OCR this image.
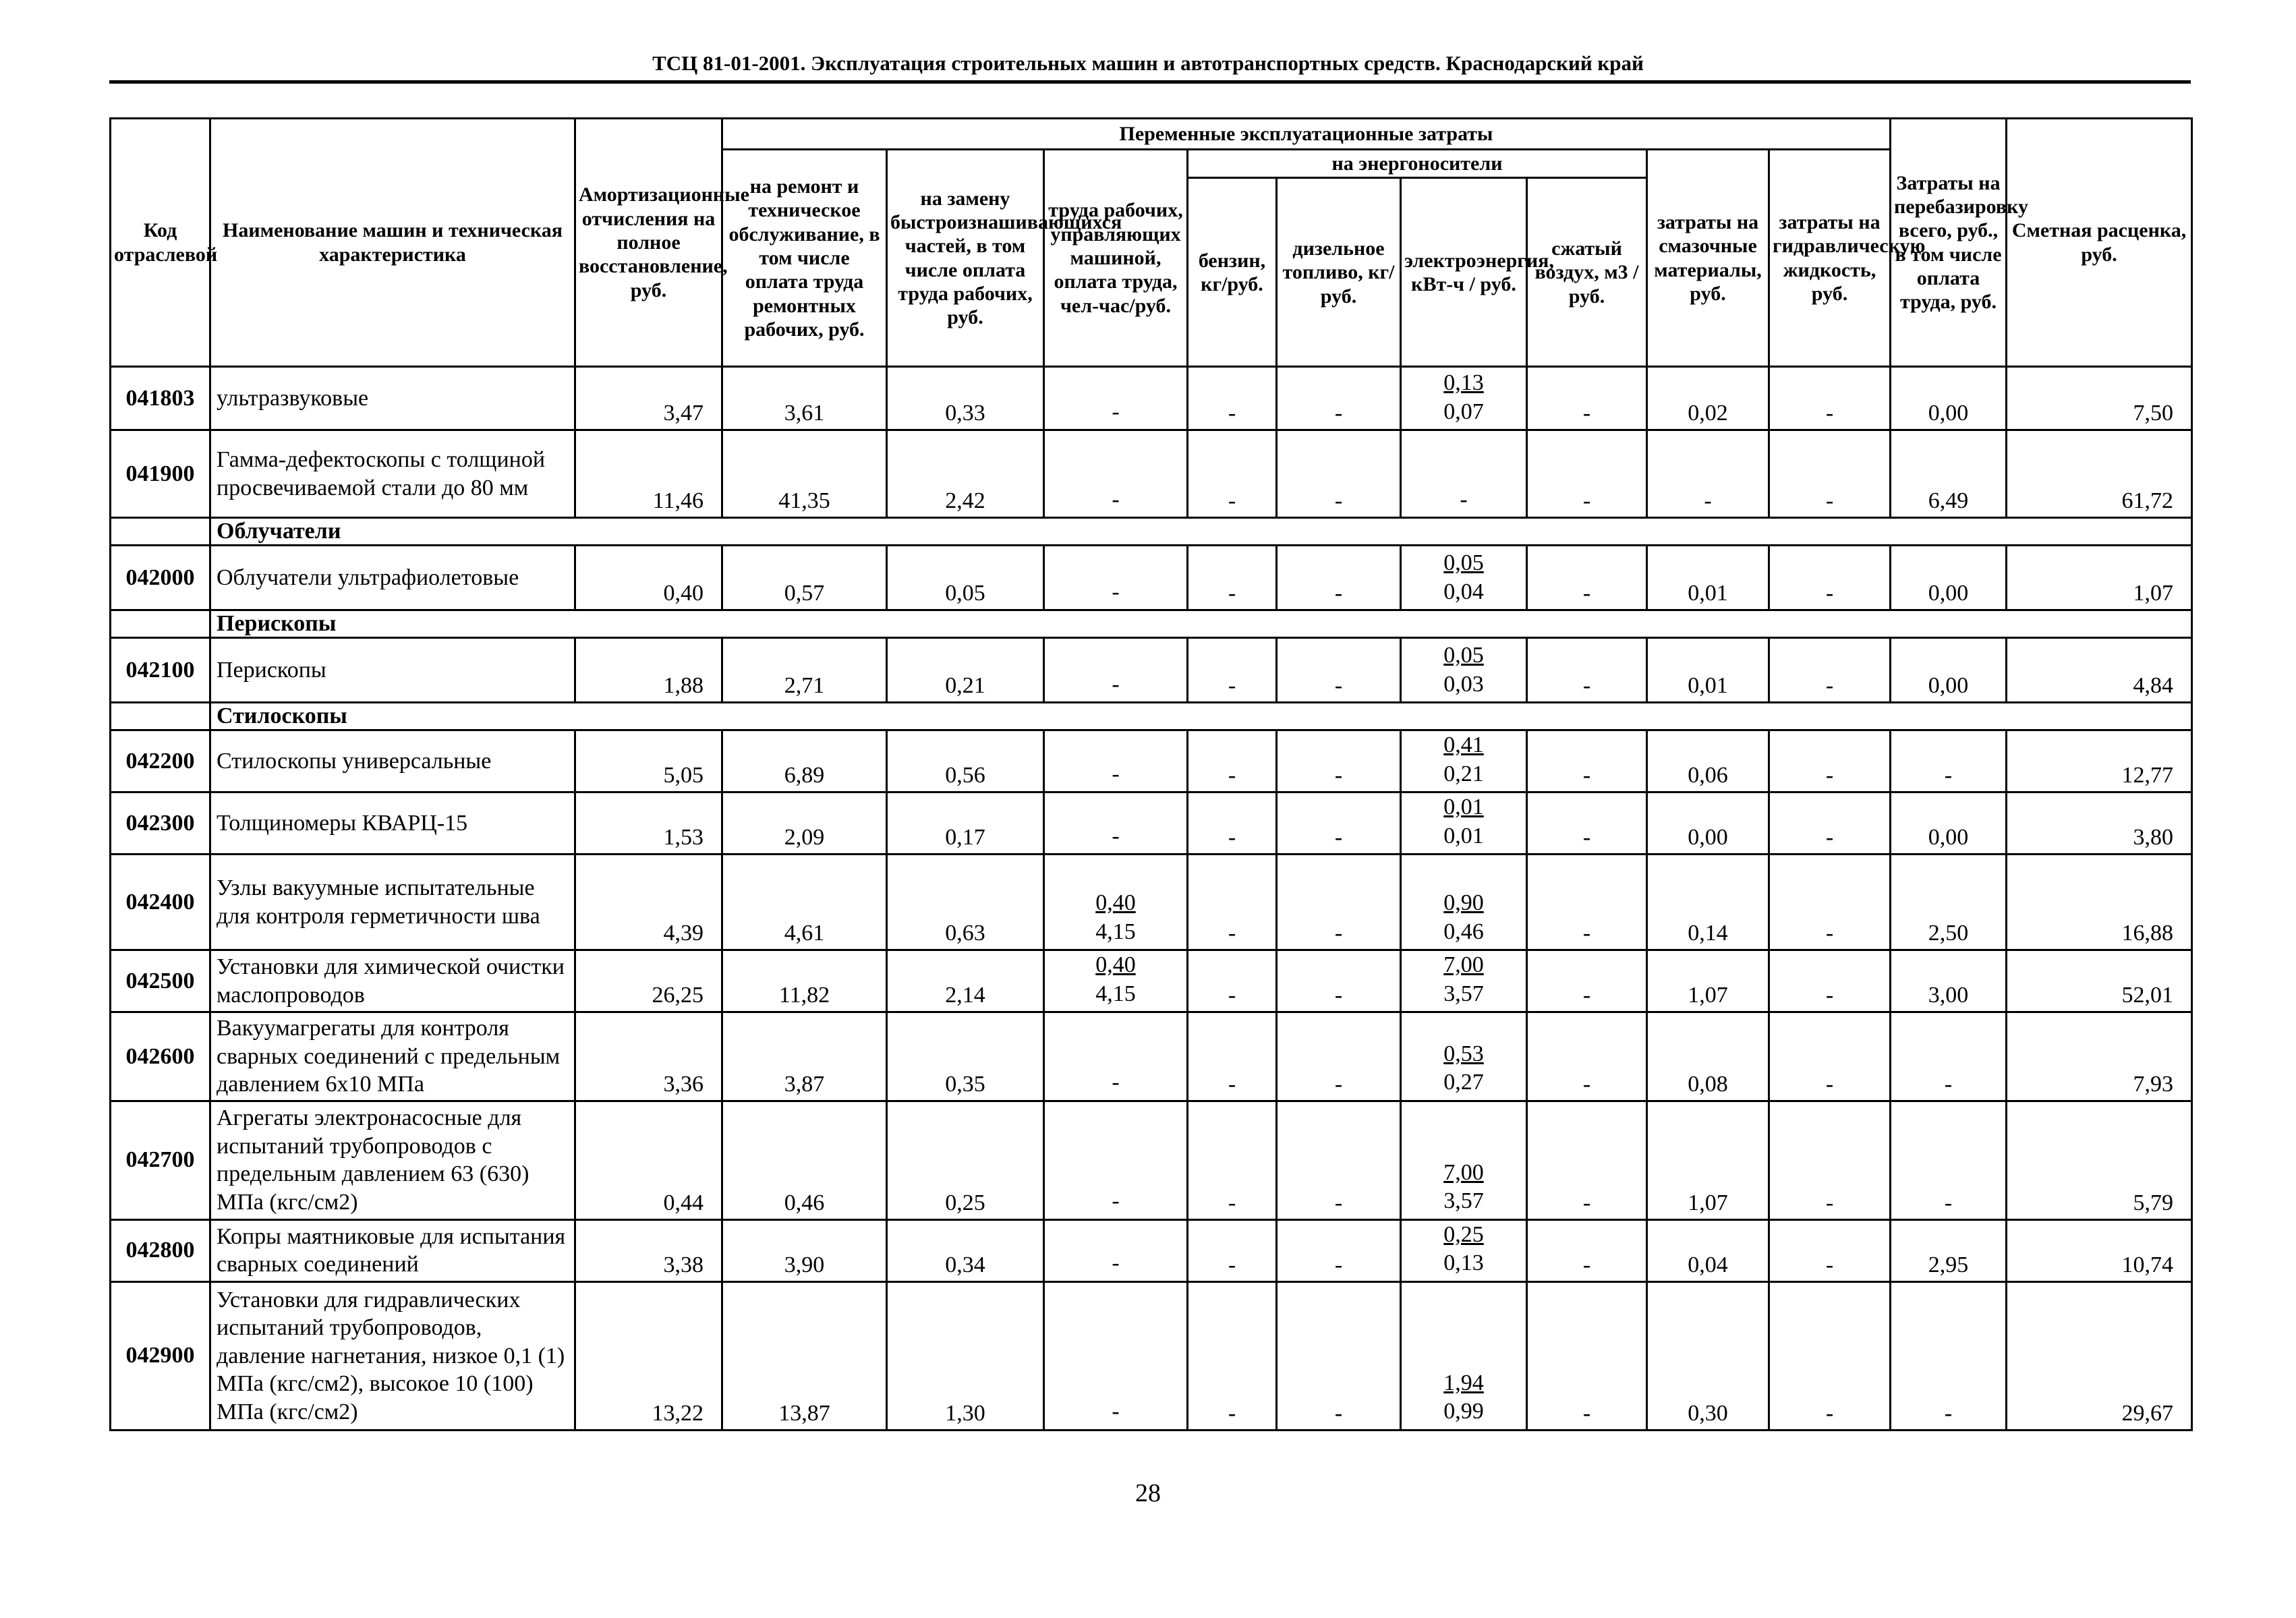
ТСЦ 81-01-2001. Эксплуатация строительных машин и автотранспортных средств. Краснодарский край
Код отраслевой	Наименование машин и техническая характеристика	Амортизационные отчисления на полное восстановление, руб.	Переменные эксплуатационные затраты									Затраты на перебазировку всего, руб., в том числе оплата труда, руб.	Сметная расценка, руб.

			на ремонт и техническое обслуживание, в том числе оплата труда ремонтных рабочих, руб.	на замену быстроизнашивающихся частей, в том числе оплата труда рабочих, руб.	труда рабочих, управляющих машиной, оплата труда, чел-час/руб.	на энергоносители				затраты на смазочные материалы, руб.	затраты на гидравлическую жидкость, руб.		

						бензин, кг/руб.	дизельное топливо, кг/руб.	электроэнергия, кВт-ч / руб.	сжатый воздух, м3 / руб.				

041803	ультразвуковые	3,47	3,61	0,33	-	-	-	$\frac{0,13}{0,07}$	-	0,02	-	0,00	7,50
041900	Гамма-дефектоскопы с толщиной просвечиваемой стали до 80 мм	11,46	41,35	2,42	-	-	-	-	-	-	-	6,49	61,72
	Облучатели												
042000	Облучатели ультрафиолетовые	0,40	0,57	0,05	-	-	-	$\frac{0,05}{0,04}$	-	0,01	-	0,00	1,07
	Перископы												
042100	Перископы	1,88	2,71	0,21	-	-	-	$\frac{0,05}{0,03}$	-	0,01	-	0,00	4,84
	Стилоскопы												
042200	Стилоскопы универсальные	5,05	6,89	0,56	-	-	-	$\frac{0,41}{0,21}$	-	0,06	-	-	12,77
042300	Толщиномеры КВАРЦ-15	1,53	2,09	0,17	-	-	-	$\frac{0,01}{0,01}$	-	0,00	-	0,00	3,80
042400	Узлы вакуумные испытательные для контроля герметичности шва	4,39	4,61	0,63	$\frac{0,40}{4,15}$	-	-	$\frac{0,90}{0,46}$	-	0,14	-	2,50	16,88
042500	Установки для химической очистки маслопроводов	26,25	11,82	2,14	$\frac{0,40}{4,15}$	-	-	$\frac{7,00}{3,57}$	-	1,07	-	3,00	52,01
042600	Вакуумагрегаты для контроля сварных соединений с предельным давлением 6х10 МПа	3,36	3,87	0,35	-	-	-	$\frac{0,53}{0,27}$	-	0,08	-	-	7,93
042700	Агрегаты электронасосные для испытаний трубопроводов с предельным давлением 63 (630) МПа (кгс/см2)	0,44	0,46	0,25	-	-	-	$\frac{7,00}{3,57}$	-	1,07	-	-	5,79
042800	Копры маятниковые для испытания сварных соединений	3,38	3,90	0,34	-	-	-	$\frac{0,25}{0,13}$	-	0,04	-	2,95	10,74
042900	Установки для гидравлических испытаний трубопроводов, давление нагнетания, низкое 0,1 (1) МПа (кгс/см2), высокое 10 (100) МПа (кгс/см2)	13,22	13,87	1,30	-	-	-	$\frac{1,94}{0,99}$	-	0,30	-	-	29,67
28
